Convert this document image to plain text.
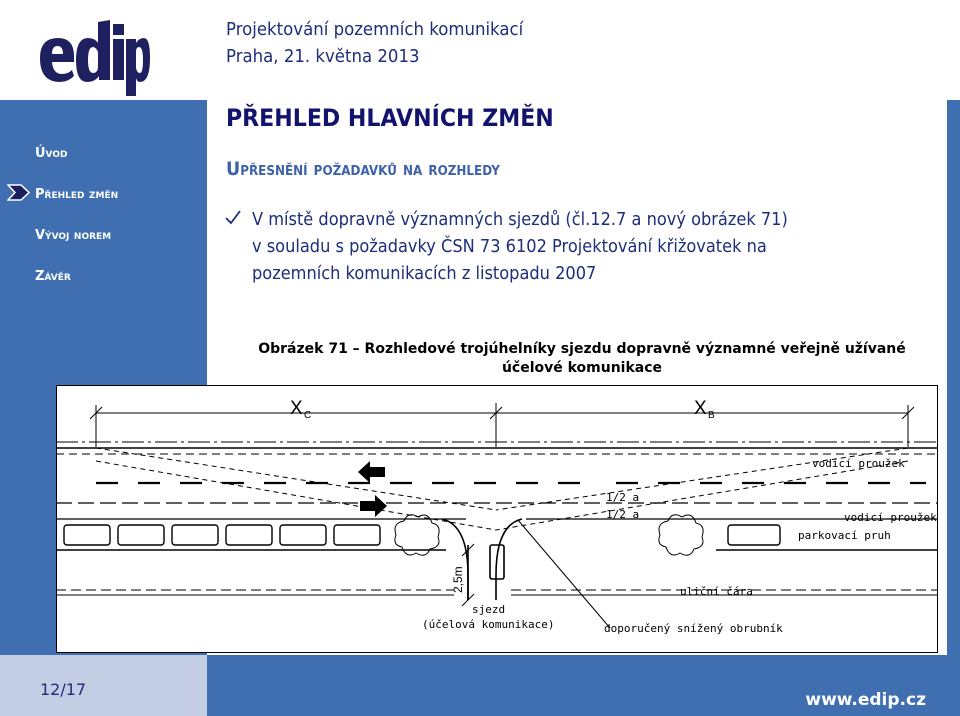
Projektování pozemních komunikací
Praha, 21. května 2013
Úvod
Přehled změn
Vývoj norem
Závěr
12/17
www.edip.cz
PŘEHLED HLAVNÍCH ZMĚN
Upřesnění požadavků na rozhledy
V místě dopravně významných sjezdů (čl.12.7 a nový obrázek 71)
v souladu s požadavky ČSN 73 6102 Projektování křižovatek na
pozemních komunikacích z listopadu 2007
Obrázek 71 – Rozhledové trojúhelníky sjezdu dopravně významné veřejně užívané
účelové komunikace
X C	X B
2,5m
vodicí proužek
1/2 a
1/2 a	vodicí proužek
parkovací pruh
uliční čára
sjezd
(účelová komunikace)	doporučený snížený obrubník
